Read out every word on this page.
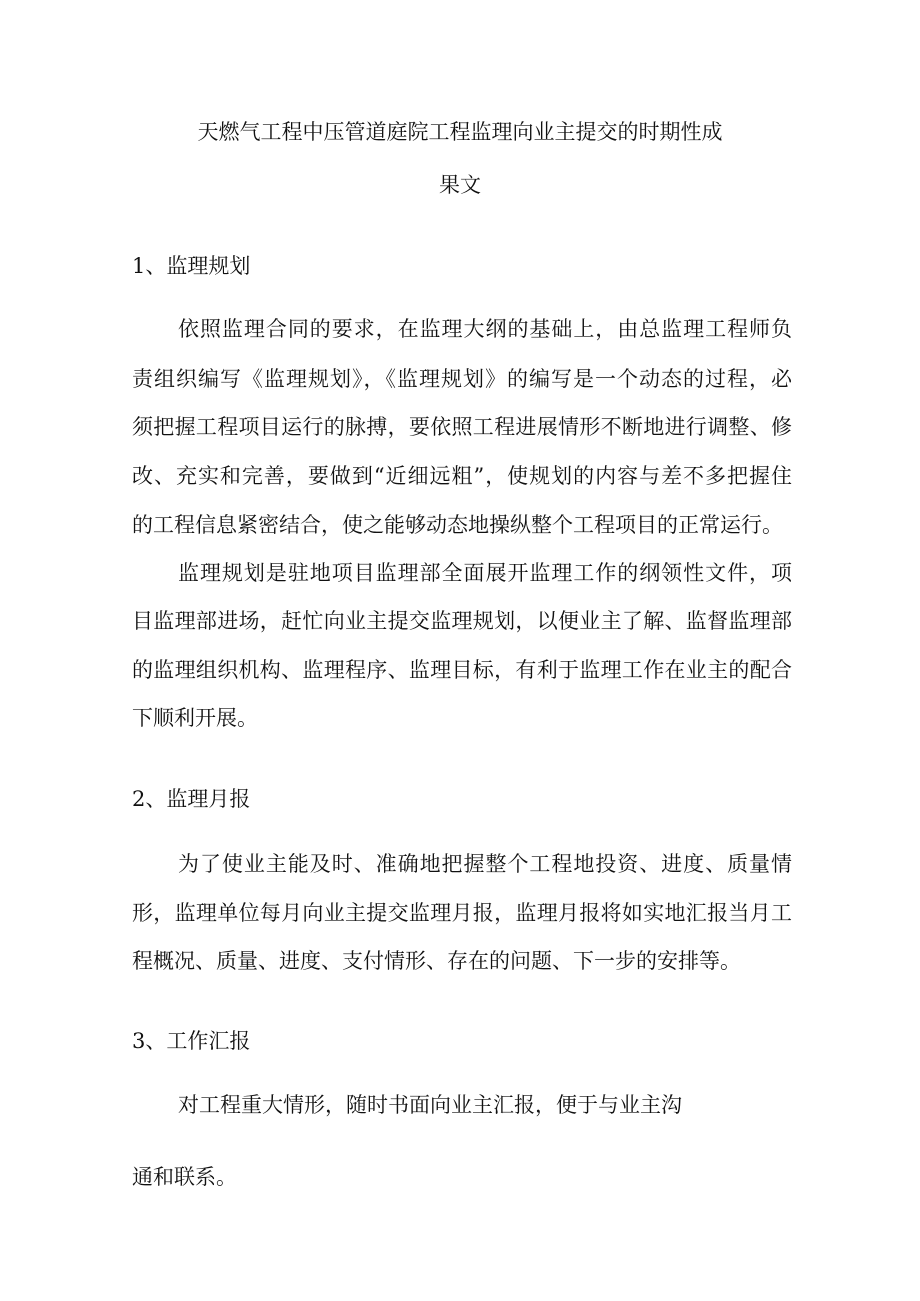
天燃气工程中压管道庭院工程监理向业主提交的时期性成
果文
1、监理规划
依照监理合同的要求，在监理大纲的基础上，由总监理工程师负
责组织编写《监理规划》，《监理规划》的编写是一个动态的过程，必
须把握工程项目运行的脉搏，要依照工程进展情形不断地进行调整、修
改、充实和完善，要做到“近细远粗”，使规划的内容与差不多把握住
的工程信息紧密结合，使之能够动态地操纵整个工程项目的正常运行。
监理规划是驻地项目监理部全面展开监理工作的纲领性文件，项
目监理部进场，赶忙向业主提交监理规划，以便业主了解、监督监理部
的监理组织机构、监理程序、监理目标，有利于监理工作在业主的配合
下顺利开展。
2、监理月报
为了使业主能及时、准确地把握整个工程地投资、进度、质量情
形，监理单位每月向业主提交监理月报，监理月报将如实地汇报当月工
程概况、质量、进度、支付情形、存在的问题、下一步的安排等。
3、工作汇报
对工程重大情形，随时书面向业主汇报，便于与业主沟
通和联系。
